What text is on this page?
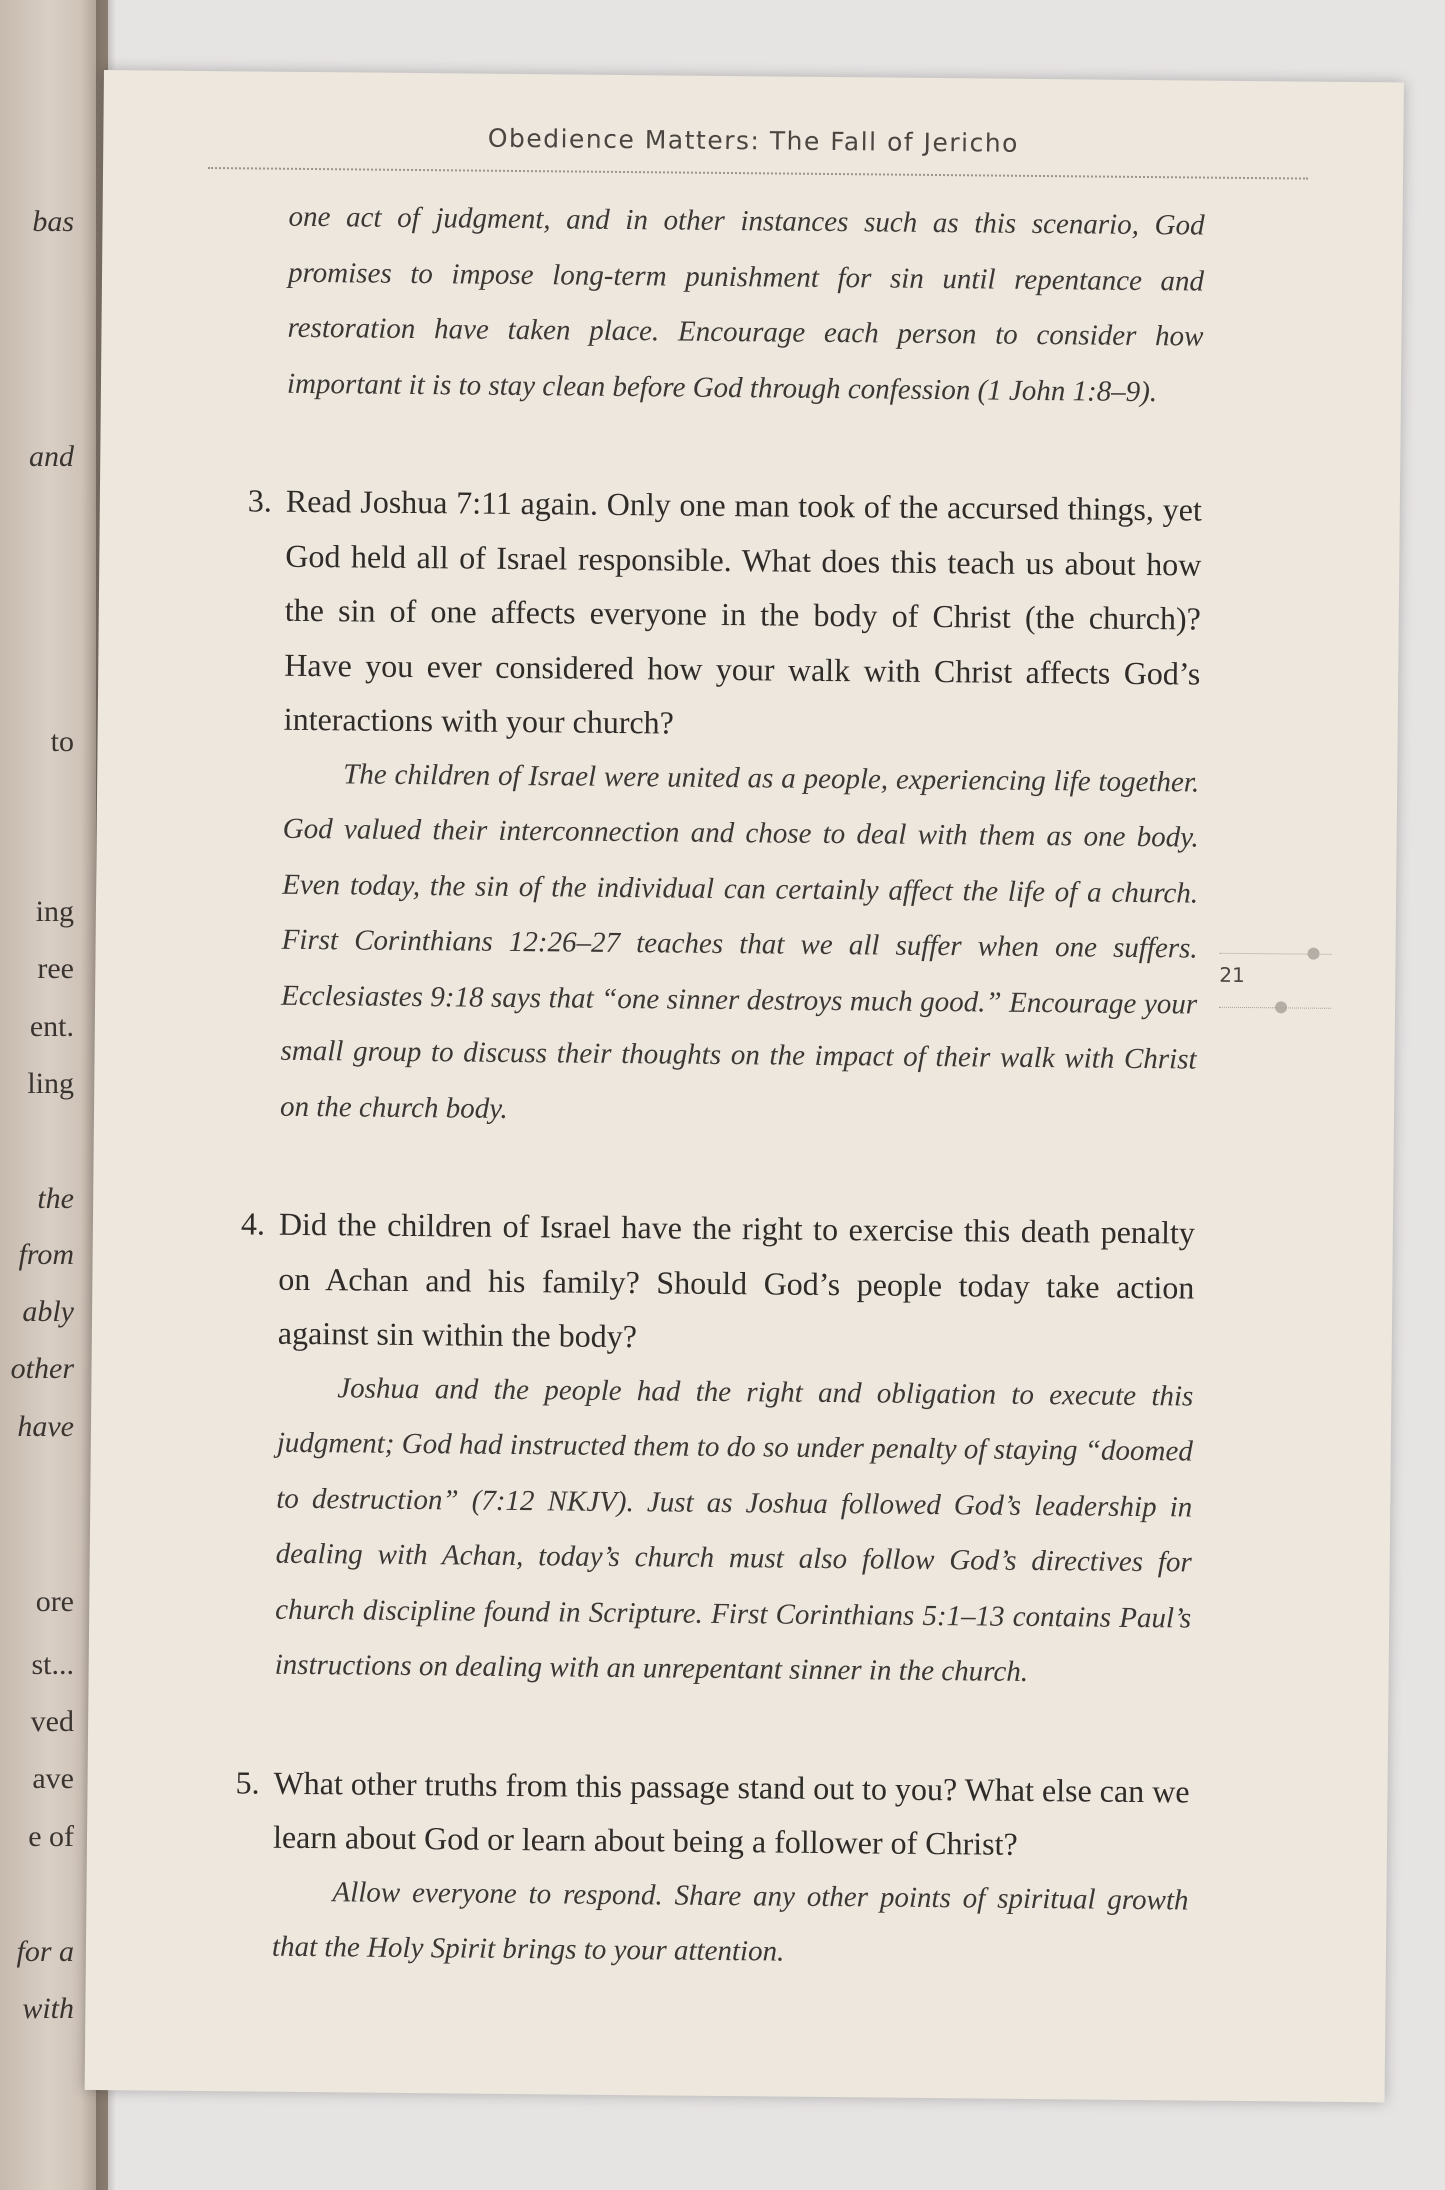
bas
and
to
ing
ree
ent.
ling
the
from
ably
other
have
ore
st...
ved
ave
e of
for a
with
Obedience Matters: The Fall of Jericho
21

one act of judgment, and in other instances such as this scenario, God promises to impose long-term punishment for sin until repentance and restoration have taken place. Encourage each person to consider how important it is to stay clean before God through confession (1 John 1:8–9).

3. Read Joshua 7:11 again. Only one man took of the accursed things, yet God held all of Israel responsible. What does this teach us about how the sin of one affects everyone in the body of Christ (the church)? Have you ever considered how your walk with Christ affects God’s interactions with your church?

The children of Israel were united as a people, experiencing life together. God valued their interconnection and chose to deal with them as one body. Even today, the sin of the individual can certainly affect the life of a church. First Corinthians 12:26–27 teaches that we all suffer when one suffers. Ecclesiastes 9:18 says that “one sinner destroys much good.” Encourage your small group to discuss their thoughts on the impact of their walk with Christ on the church body.

4. Did the children of Israel have the right to exercise this death penalty on Achan and his family? Should God’s people today take action against sin within the body?

Joshua and the people had the right and obligation to execute this judgment; God had instructed them to do so under penalty of staying “doomed to destruction” (7:12 NKJV). Just as Joshua followed God’s leadership in dealing with Achan, today’s church must also follow God’s directives for church discipline found in Scripture. First Corinthians 5:1–13 contains Paul’s instructions on dealing with an unrepentant sinner in the church.

5. What other truths from this passage stand out to you? What else can we learn about God or learn about being a follower of Christ?

Allow everyone to respond. Share any other points of spiritual growth that the Holy Spirit brings to your attention.
